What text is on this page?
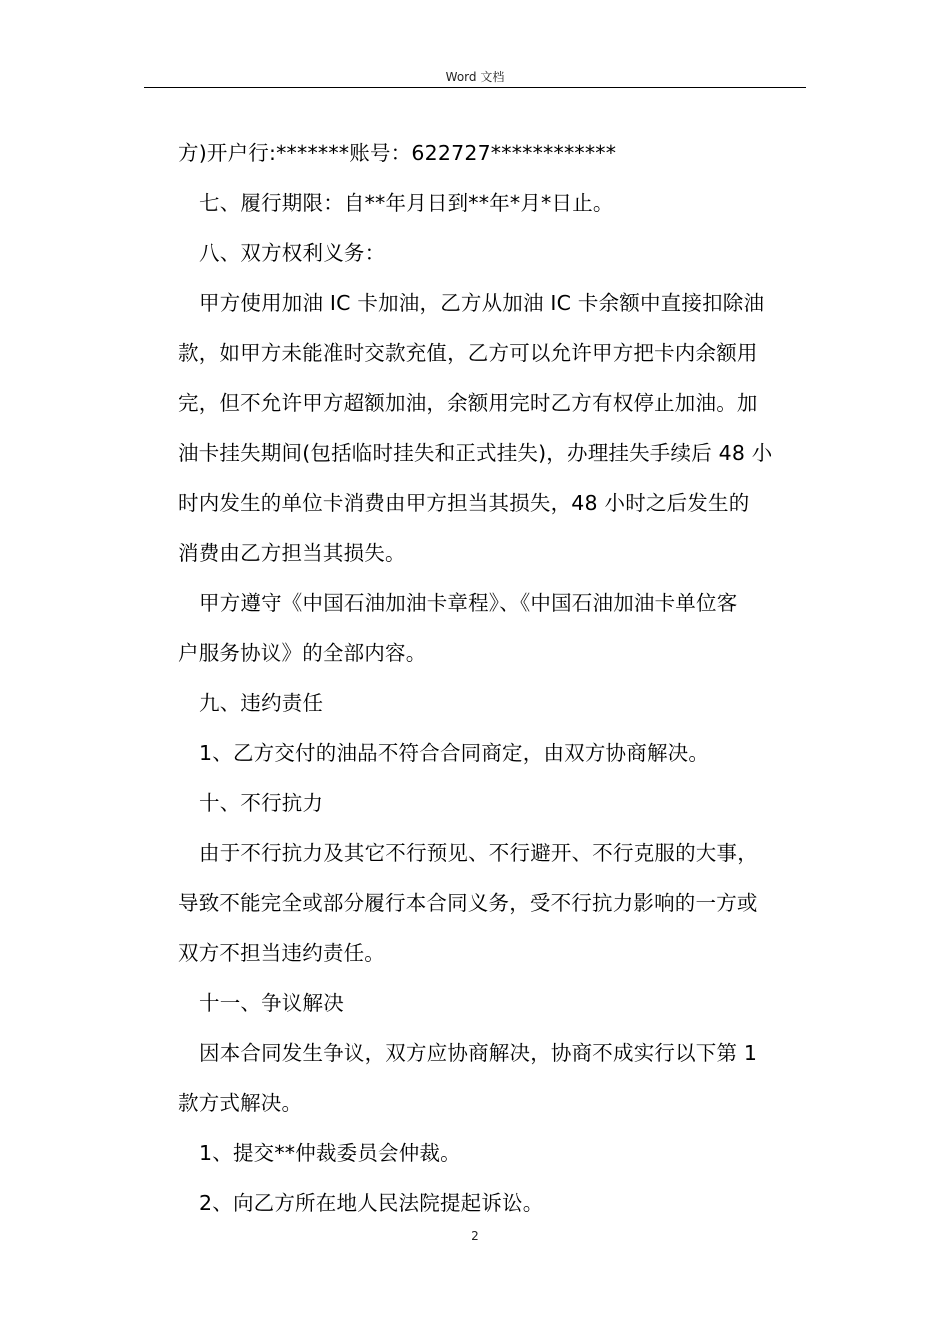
Word 文档

方)开户行:*******账号：622727************

七、履行期限：自**年月日到**年*月*日止。

八、双方权利义务：

甲方使用加油 IC 卡加油，乙方从加油 IC 卡余额中直接扣除油

款，如甲方未能准时交款充值，乙方可以允许甲方把卡内余额用

完，但不允许甲方超额加油，余额用完时乙方有权停止加油。加

油卡挂失期间(包括临时挂失和正式挂失)，办理挂失手续后 48 小

时内发生的单位卡消费由甲方担当其损失，48 小时之后发生的

消费由乙方担当其损失。

甲方遵守《中国石油加油卡章程》、《中国石油加油卡单位客

户服务协议》的全部内容。

九、违约责任

1、乙方交付的油品不符合合同商定，由双方协商解决。

十、不行抗力

由于不行抗力及其它不行预见、不行避开、不行克服的大事，

导致不能完全或部分履行本合同义务，受不行抗力影响的一方或

双方不担当违约责任。

十一、争议解决

因本合同发生争议，双方应协商解决，协商不成实行以下第 1

款方式解决。

1、提交**仲裁委员会仲裁。

2、向乙方所在地人民法院提起诉讼。

2
